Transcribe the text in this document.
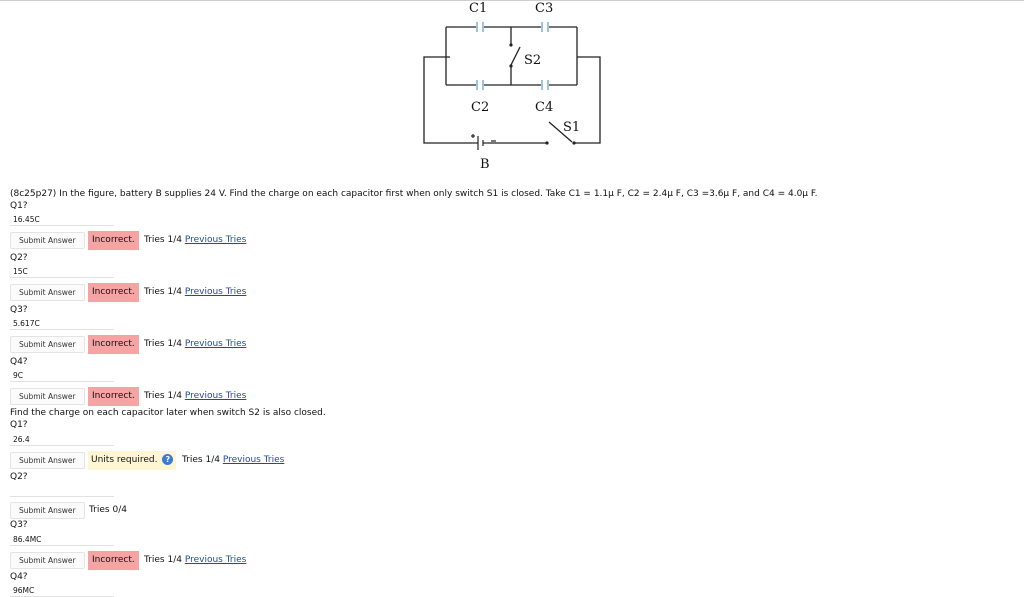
C1	C3
S2
C2	C4
S1
B
(8c25p27) In the figure, battery B supplies 24 V. Find the charge on each capacitor first when only switch S1 is closed. Take C1 = 1.1μ F, C2 = 2.4μ F, C3 =3.6μ F, and C4 = 4.0μ F.
Q1?
16.45C
Submit Answer	Incorrect.	Tries 1/4 Previous Tries
Q2?
15C
Submit Answer	Incorrect.	Tries 1/4 Previous Tries
Q3?
5.617C
Submit Answer	Incorrect.	Tries 1/4 Previous Tries
Q4?
9C
Submit Answer	Incorrect.	Tries 1/4 Previous Tries
Find the charge on each capacitor later when switch S2 is also closed.
Q1?
26.4
Submit Answer	Units required. ?	Tries 1/4 Previous Tries
Q2?
Submit Answer	Tries 0/4
Q3?
86.4MC
Submit Answer	Incorrect.	Tries 1/4 Previous Tries
Q4?
96MC
